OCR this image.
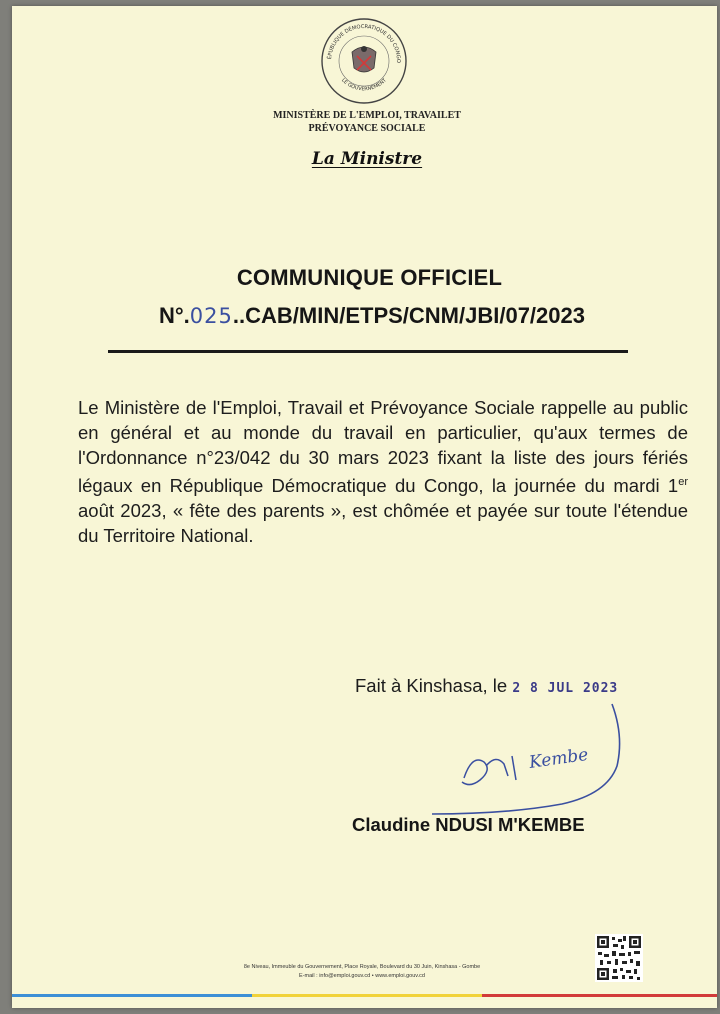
ÉPUBLIQUE DÉMOCRATIQUE DU CONGO
LE GOUVERNEMENT
MINISTÈRE DE L'EMPLOI, TRAVAILET
PRÉVOYANCE SOCIALE
La Ministre
COMMUNIQUE OFFICIEL
N°.025..CAB/MIN/ETPS/CNM/JBI/07/2023
Le Ministère de l'Emploi, Travail et Prévoyance Sociale rappelle au public en général et au monde du travail en particulier, qu'aux termes de l'Ordonnance n°23/042 du 30 mars 2023 fixant la liste des jours fériés légaux en République Démocratique du Congo, la journée du mardi 1er août 2023, « fête des parents », est chômée et payée sur toute l'étendue du Territoire National.
Fait à Kinshasa, le 2 8 JUL 2023
Kembe
Claudine NDUSI M'KEMBE
8e Niveau, Immeuble du Gouvernement, Place Royale, Boulevard du 30 Juin, Kinshasa - Gombe
E-mail : info@emploi.gouv.cd • www.emploi.gouv.cd
